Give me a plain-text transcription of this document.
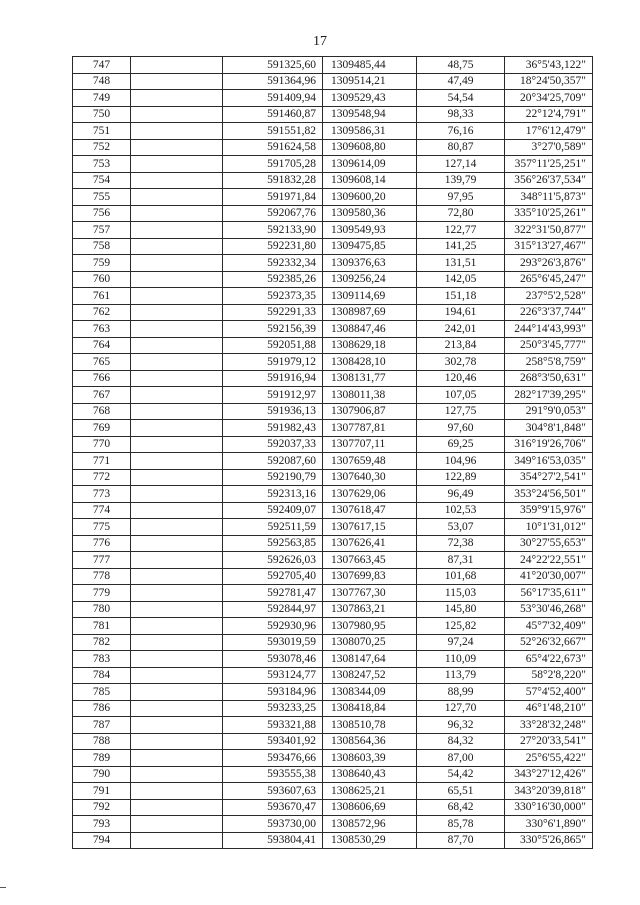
17
747		591325,60	1309485,44	48,75	36°5'43,122"
748		591364,96	1309514,21	47,49	18°24'50,357"
749		591409,94	1309529,43	54,54	20°34'25,709"
750		591460,87	1309548,94	98,33	22°12'4,791"
751		591551,82	1309586,31	76,16	17°6'12,479"
752		591624,58	1309608,80	80,87	3°27'0,589"
753		591705,28	1309614,09	127,14	357°11'25,251"
754		591832,28	1309608,14	139,79	356°26'37,534"
755		591971,84	1309600,20	97,95	348°11'5,873"
756		592067,76	1309580,36	72,80	335°10'25,261"
757		592133,90	1309549,93	122,77	322°31'50,877"
758		592231,80	1309475,85	141,25	315°13'27,467"
759		592332,34	1309376,63	131,51	293°26'3,876"
760		592385,26	1309256,24	142,05	265°6'45,247"
761		592373,35	1309114,69	151,18	237°5'2,528"
762		592291,33	1308987,69	194,61	226°3'37,744"
763		592156,39	1308847,46	242,01	244°14'43,993"
764		592051,88	1308629,18	213,84	250°3'45,777"
765		591979,12	1308428,10	302,78	258°5'8,759"
766		591916,94	1308131,77	120,46	268°3'50,631"
767		591912,97	1308011,38	107,05	282°17'39,295"
768		591936,13	1307906,87	127,75	291°9'0,053"
769		591982,43	1307787,81	97,60	304°8'1,848"
770		592037,33	1307707,11	69,25	316°19'26,706"
771		592087,60	1307659,48	104,96	349°16'53,035"
772		592190,79	1307640,30	122,89	354°27'2,541"
773		592313,16	1307629,06	96,49	353°24'56,501"
774		592409,07	1307618,47	102,53	359°9'15,976"
775		592511,59	1307617,15	53,07	10°1'31,012"
776		592563,85	1307626,41	72,38	30°27'55,653"
777		592626,03	1307663,45	87,31	24°22'22,551"
778		592705,40	1307699,83	101,68	41°20'30,007"
779		592781,47	1307767,30	115,03	56°17'35,611"
780		592844,97	1307863,21	145,80	53°30'46,268"
781		592930,96	1307980,95	125,82	45°7'32,409"
782		593019,59	1308070,25	97,24	52°26'32,667"
783		593078,46	1308147,64	110,09	65°4'22,673"
784		593124,77	1308247,52	113,79	58°2'8,220"
785		593184,96	1308344,09	88,99	57°4'52,400"
786		593233,25	1308418,84	127,70	46°1'48,210"
787		593321,88	1308510,78	96,32	33°28'32,248"
788		593401,92	1308564,36	84,32	27°20'33,541"
789		593476,66	1308603,39	87,00	25°6'55,422"
790		593555,38	1308640,43	54,42	343°27'12,426"
791		593607,63	1308625,21	65,51	343°20'39,818"
792		593670,47	1308606,69	68,42	330°16'30,000"
793		593730,00	1308572,96	85,78	330°6'1,890"
794		593804,41	1308530,29	87,70	330°5'26,865"
